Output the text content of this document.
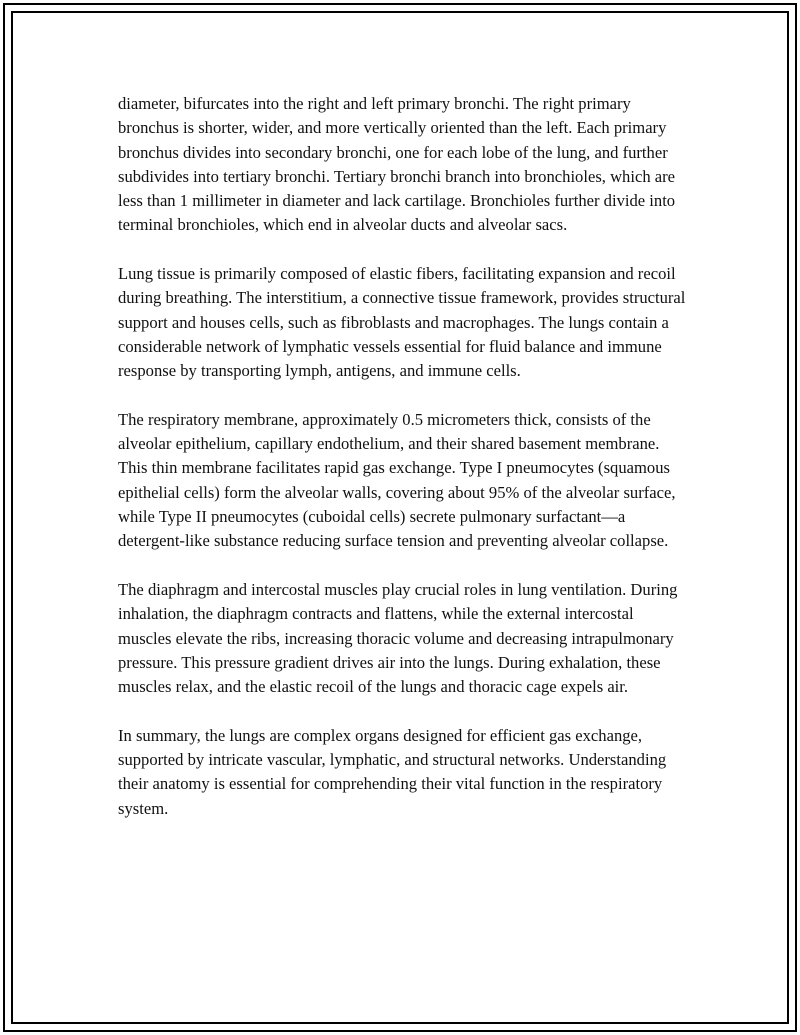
diameter, bifurcates into the right and left primary bronchi. The right primary bronchus is shorter, wider, and more vertically oriented than the left. Each primary bronchus divides into secondary bronchi, one for each lobe of the lung, and further subdivides into tertiary bronchi. Tertiary bronchi branch into bronchioles, which are less than 1 millimeter in diameter and lack cartilage. Bronchioles further divide into terminal bronchioles, which end in alveolar ducts and alveolar sacs.

Lung tissue is primarily composed of elastic fibers, facilitating expansion and recoil during breathing. The interstitium, a connective tissue framework, provides structural support and houses cells, such as fibroblasts and macrophages. The lungs contain a considerable network of lymphatic vessels essential for fluid balance and immune response by transporting lymph, antigens, and immune cells.

The respiratory membrane, approximately 0.5 micrometers thick, consists of the alveolar epithelium, capillary endothelium, and their shared basement membrane. This thin membrane facilitates rapid gas exchange. Type I pneumocytes (squamous epithelial cells) form the alveolar walls, covering about 95% of the alveolar surface, while Type II pneumocytes (cuboidal cells) secrete pulmonary surfactant—a detergent-like substance reducing surface tension and preventing alveolar collapse.

The diaphragm and intercostal muscles play crucial roles in lung ventilation. During inhalation, the diaphragm contracts and flattens, while the external intercostal muscles elevate the ribs, increasing thoracic volume and decreasing intrapulmonary pressure. This pressure gradient drives air into the lungs. During exhalation, these muscles relax, and the elastic recoil of the lungs and thoracic cage expels air.

In summary, the lungs are complex organs designed for efficient gas exchange, supported by intricate vascular, lymphatic, and structural networks. Understanding their anatomy is essential for comprehending their vital function in the respiratory system.
